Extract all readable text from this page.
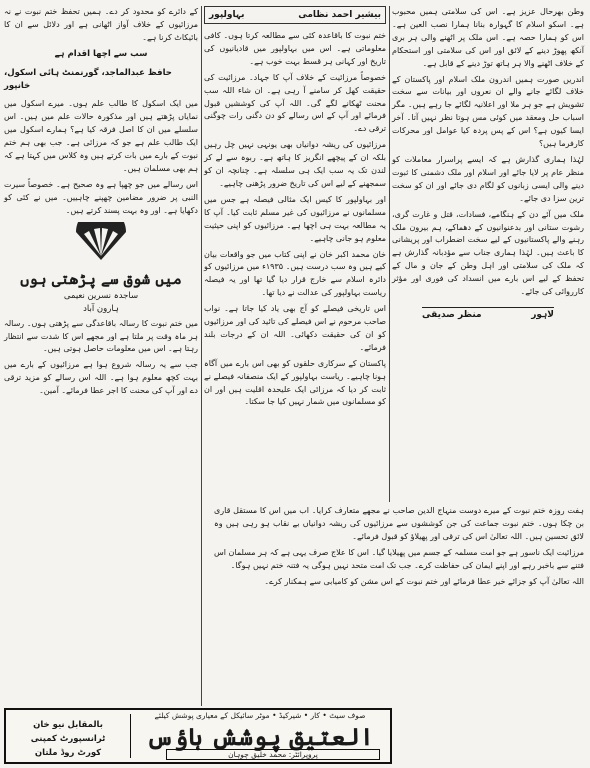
وطن بھرحال عزیز ہے۔ اس کی سلامتی ہمیں محبوب ہے۔ اسکو اسلام کا گہوارہ بنانا ہمارا نصب العین ہے۔ اس کو ہمارا حصہ ہے۔ اس ملک پر اٹھنے والی ہر بری آنکھ پھوڑ دینے کے لائق اور اس کی سلامتی اور استحکام کے خلاف اٹھنے والا ہر ہاتھ توڑ دینے کے قابل ہے۔

اندریں صورت ہمیں اندرون ملک اسلام اور پاکستان کے خلاف لگائے جانے والے ان نعروں اور بیانات سے سخت تشویش ہے جو ہر ملا اور اعلانیہ لگائے جا رہے ہیں۔ مگر اسباب حل ومعقد میں کوئی مس ہوتا نظر نہیں آتا۔ آخر ایسا کیوں ہے؟ اس کے پس پردہ کیا عوامل اور محرکات کارفرما ہیں؟

لہٰذا ہماری گذارش ہے کہ ایسے پراسرار معاملات کو منظر عام پر لایا جائے اور اسلام اور ملک دشمنی کا ثبوت دینے والی ایسی زبانوں کو لگام دی جائے اور ان کو سخت ترین سزا دی جائے۔

ملک میں آئے دن کے ہنگامے، فسادات، قتل و غارت گری، رشوت ستانی اور بدعنوانیوں کے دھماکے، ہم بیرون ملک رہنے والے پاکستانیوں کے لیے سخت اضطراب اور پریشانی کا باعث ہیں۔ لہٰذا ہماری جناب سے مؤدبانہ گذارش ہے کہ ملک کی سلامتی اور اہل وطن کے جان و مال کے تحفظ کے لیے اس بارے میں انسداد کی فوری اور مؤثر کارروائی کی جائے۔

لاہور
منظر صدیقی
بیشیر احمد نظامی
بہاولپور

ختم نبوت کا باقاعدہ کئی سے مطالعہ کرتا ہوں۔ کافی معلوماتی ہے۔ اس میں بہاولپور میں قادیانیوں کی تاریخ اور کہانی ہر قسط بہت خوب ہے۔

خصوصاً مرزائیت کے خلاف آپ کا جہاد۔ مرزائیت کی حقیقت کھل کر سامنے آ رہی ہے۔ ان شاء اللہ سب محنت ٹھکانے لگے گی۔ اللہ آپ کی کوششیں قبول فرمائے اور آپ کے اس رسالے کو دن دگنی رات چوگنی ترقی دے۔

مرزائیوں کی ریشہ دوانیاں بھی یونہی نہیں چل رہیں بلکہ ان کے پیچھے انگریز کا ہاتھ ہے۔ ربوہ سے لے کر لندن تک یہ سب ایک ہی سلسلہ ہے۔ چنانچہ ان کو سمجھنے کے لیے اس کی تاریخ ضرور پڑھنی چاہیے۔

اور بہاولپور کا کیس ایک مثالی فیصلہ ہے جس میں مسلمانوں نے مرزائیوں کی غیر مسلم ثابت کیا۔ آپ کا یہ مطالعہ بہت ہی اچھا ہے۔ مرزائیوں کو اپنی حیثیت معلوم ہو جانی چاہیے۔

خان محمد اکبر خان نے اپنی کتاب میں جو واقعات بیان کیے ہیں وہ سب درست ہیں۔ ۱۹۳۵ء میں مرزائیوں کو دائرہ اسلام سے خارج قرار دیا گیا تھا اور یہ فیصلہ ریاست بہاولپور کی عدالت نے دیا تھا۔

اس تاریخی فیصلے کو آج بھی یاد کیا جاتا ہے۔ نواب صاحب مرحوم نے اس فیصلے کی تائید کی اور مرزائیوں کو ان کی حقیقت دکھائی۔ اللہ ان کے درجات بلند فرمائے۔

پاکستان کے سرکاری حلقوں کو بھی اس بارے میں آگاہ ہونا چاہیے۔ ریاست بہاولپور کے ایک منصفانہ فیصلے نے ثابت کر دیا کہ مرزائی ایک علیحدہ اقلیت ہیں اور ان کو مسلمانوں میں شمار نہیں کیا جا سکتا۔

کے دائرے کو محدود کر دے۔ ہمیں تحفظ ختم نبوت نے نہ مرزائیوں کے خلاف آواز اٹھانی ہے اور دلائل سے ان کا بائیکاٹ کرنا ہے۔

سب سے اچھا اقدام ہے

حافظ عبدالماجد، گورنمنٹ ہائی اسکول، خانپور

میں ایک اسکول کا طالب علم ہوں۔ میرے اسکول میں نمایاں پڑھتے ہیں اور مذکورہ حالات علم میں ہیں۔ اس سلسلے میں ان کا اصل فرقہ کیا ہے؟ ہمارے اسکول میں ایک طالب علم ہے جو کہ مرزائی ہے۔ جب بھی ہم ختم نبوت کے بارے میں بات کرتے ہیں وہ کلاس میں کہتا ہے کہ ہم بھی مسلمان ہیں۔

اس رسالے میں جو چھپا ہے وہ صحیح ہے۔ خصوصاً سیرت النبی پر ضرور مضامین چھپنے چاہییں۔ میں نے کئی کو دکھایا ہے۔ اور وہ بہت پسند کرتے ہیں۔

میں شوق سے پڑھتی ہوں
ساجدہ نسرین نعیمی
ہارون آباد

میں ختم نبوت کا رسالہ باقاعدگی سے پڑھتی ہوں۔ رسالہ ہر ماہ وقت پر ملتا ہے اور مجھے اس کا شدت سے انتظار رہتا ہے۔ اس میں معلومات حاصل ہوتی ہیں۔

جب سے یہ رسالہ شروع ہوا ہے مرزائیوں کے بارے میں بہت کچھ معلوم ہوا ہے۔ اللہ اس رسالے کو مزید ترقی دے اور آپ کی محنت کا اجر عطا فرمائے۔ آمین۔

ہفت روزہ ختم نبوت کے میرے دوست منہاج الدین صاحب نے مجھے متعارف کرایا۔ اب میں اس کا مستقل قاری بن چکا ہوں۔ ختم نبوت جماعت کی جن کوششوں سے مرزائیوں کی ریشہ دوانیاں بے نقاب ہو رہی ہیں وہ لائق تحسین ہیں۔ اللہ تعالیٰ اس کی ترقی اور پھیلاؤ کو قبول فرمائے۔

مرزائیت ایک ناسور ہے جو امت مسلمہ کے جسم میں پھیلایا گیا۔ اس کا علاج صرف یہی ہے کہ ہر مسلمان اس فتنے سے باخبر رہے اور اپنے ایمان کی حفاظت کرے۔ جب تک امت متحد نہیں ہوگی یہ فتنہ ختم نہیں ہوگا۔

اللہ تعالیٰ آپ کو جزائے خیر عطا فرمائے اور ختم نبوت کے اس مشن کو کامیابی سے ہمکنار کرے۔

صوف سیٹ • کار • شیرکیڈ • موٹر سائیکل کے معیاری پوشش کیلئے
العتیق پوشش ہاؤس
پروپرائٹر: محمد خلیق چوہان
بالمقابل نیو خان ٹرانسپورٹ کمپنی
کورٹ روڈ ملتان
